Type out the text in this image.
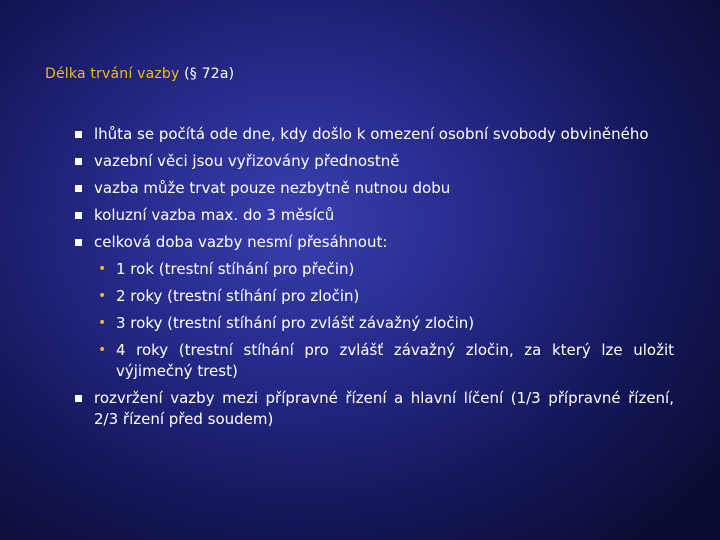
Délka trvání vazby (§ 72a)
lhůta se počítá ode dne, kdy došlo k omezení osobní svobody obviněného
vazební věci jsou vyřizovány přednostně
vazba může trvat pouze nezbytně nutnou dobu
koluzní vazba max. do 3 měsíců
celková doba vazby nesmí přesáhnout:
• 1 rok (trestní stíhání pro přečin)
• 2 roky (trestní stíhání pro zločin)
• 3 roky (trestní stíhání pro zvlášť závažný zločin)
• 4 roky (trestní stíhání pro zvlášť závažný zločin, za který lze uložit výjimečný trest)
rozvržení vazby mezi přípravné řízení a hlavní líčení (1/3 přípravné řízení, 2/3 řízení před soudem)
